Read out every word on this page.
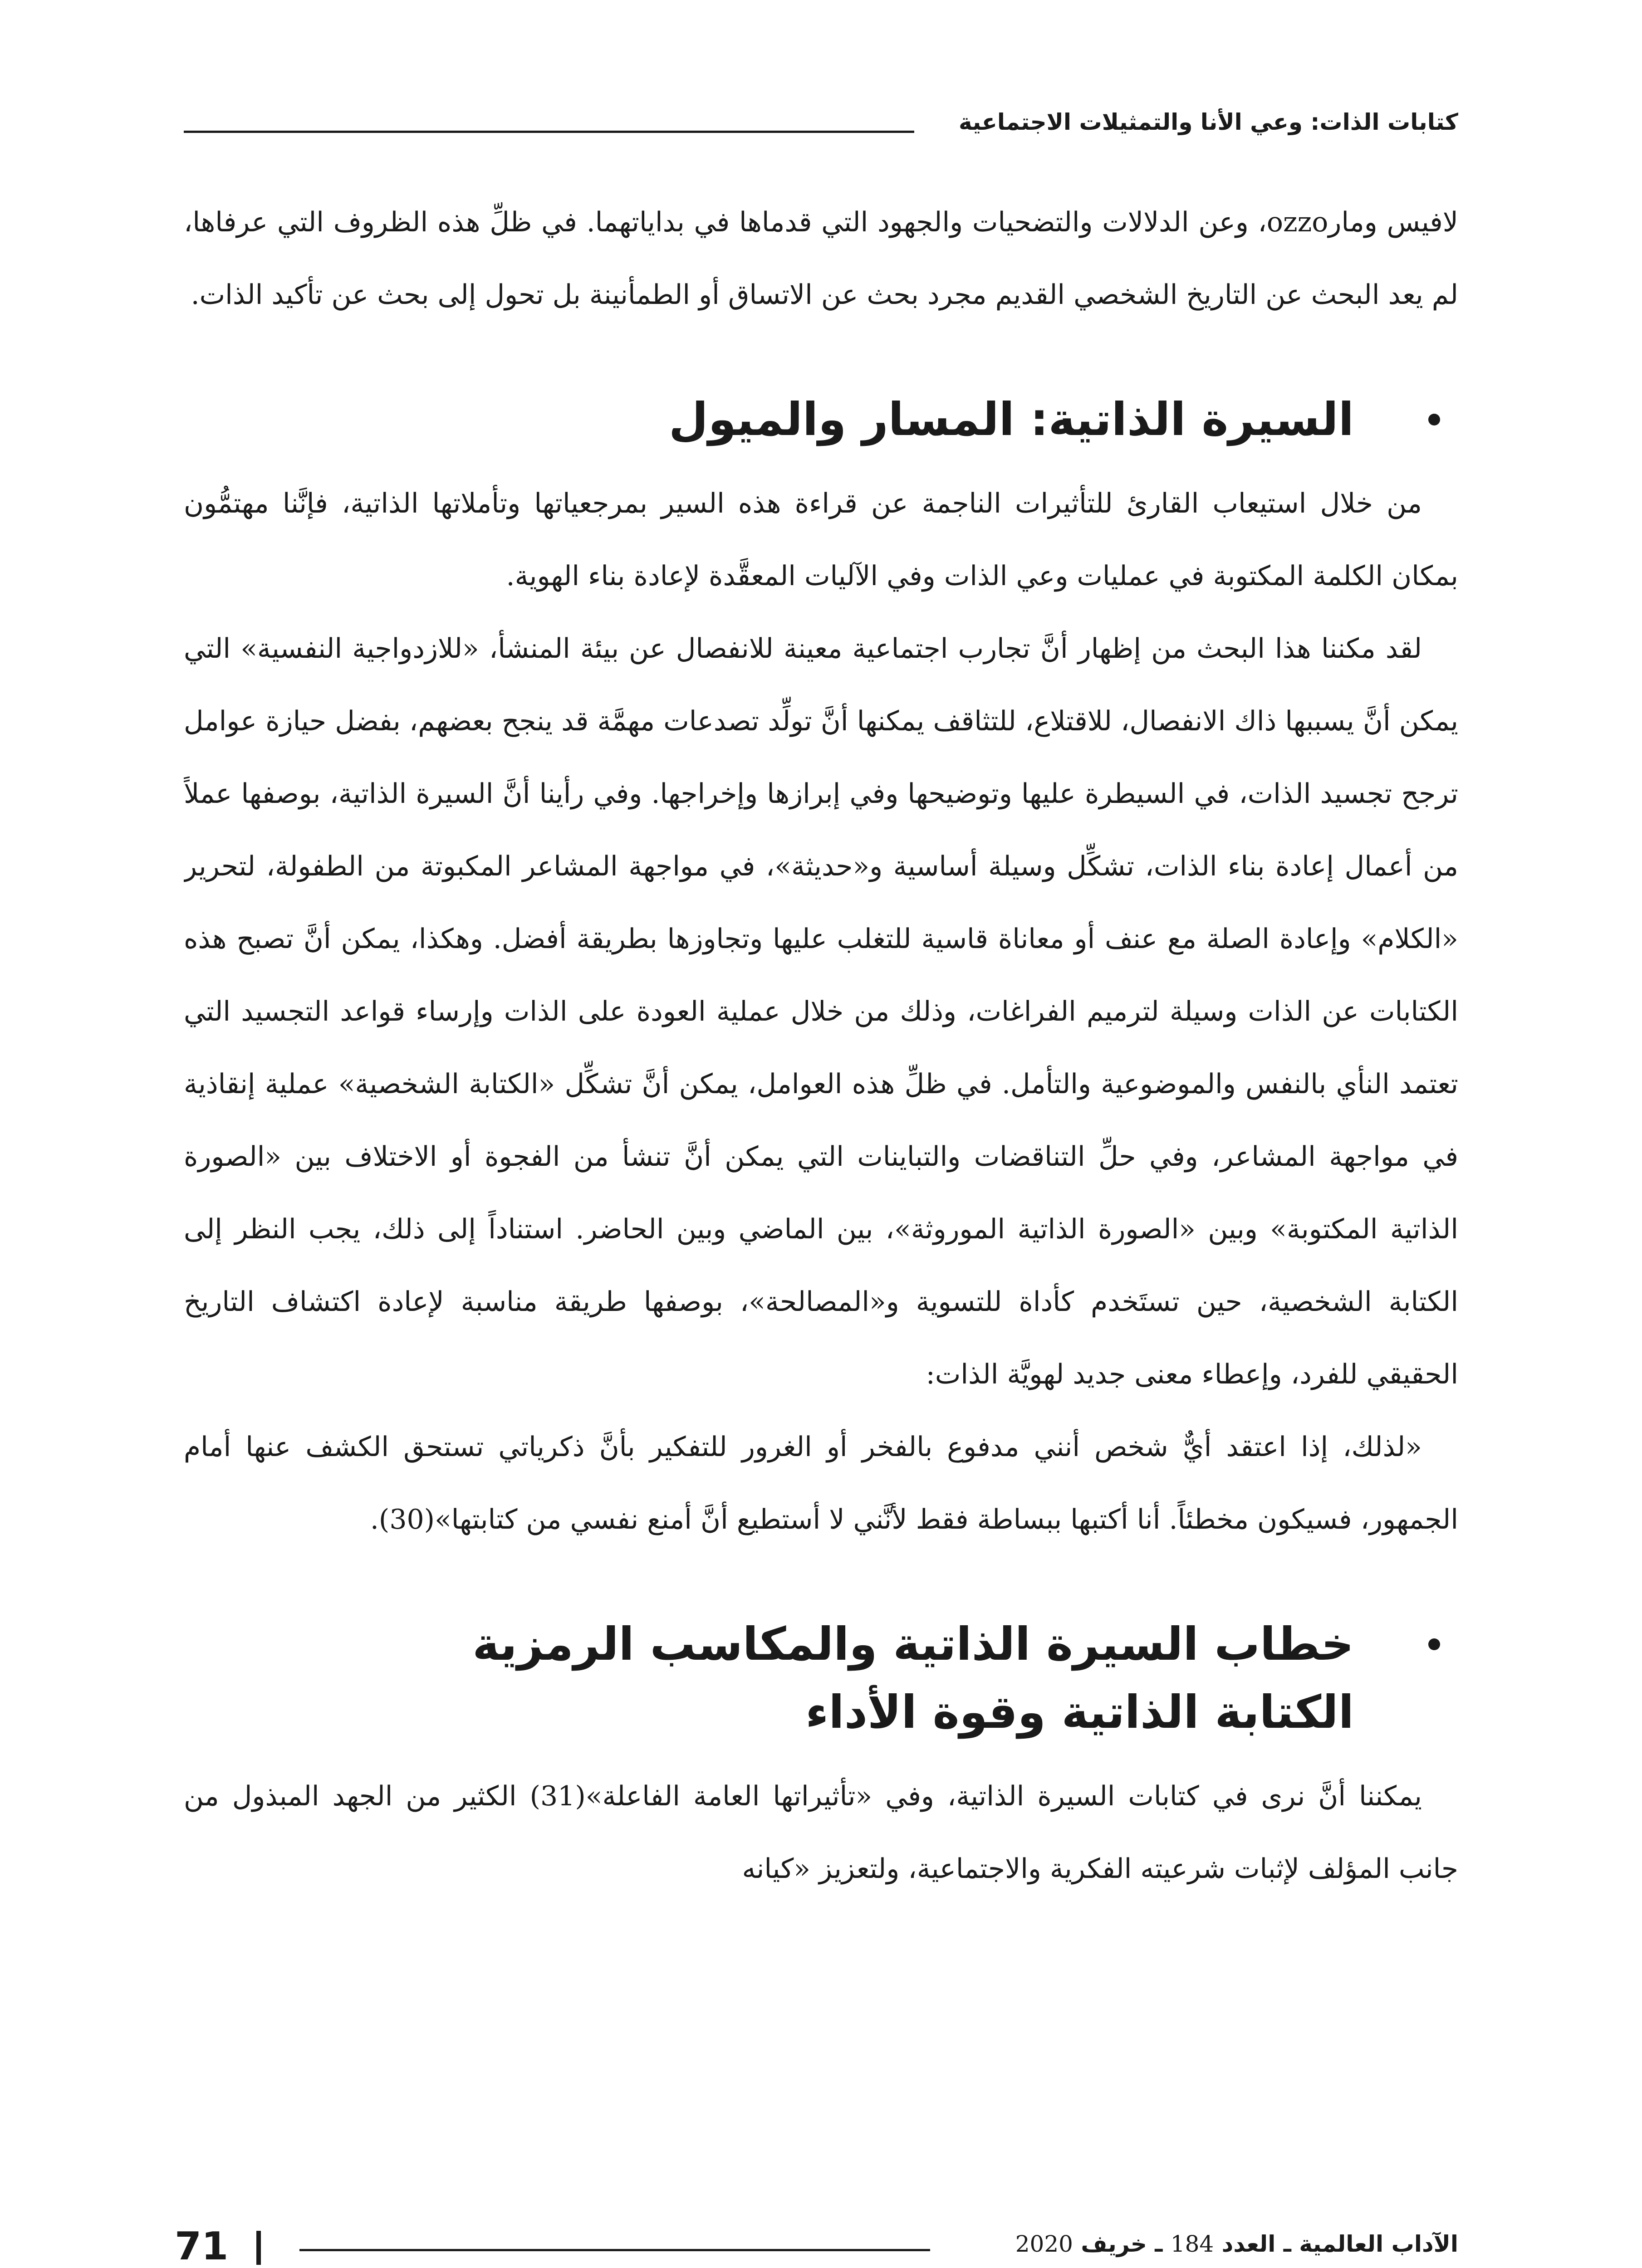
كتابات الذات: وعي الأنا والتمثيلات الاجتماعية

لافيس ومارozzo، وعن الدلالات والتضحيات والجهود التي قدماها في بداياتهما. في ظلِّ هذه الظروف التي عرفاها، لم يعد البحث عن التاريخ الشخصي القديم مجرد بحث عن الاتساق أو الطمأنينة بل تحول إلى بحث عن تأكيد الذات.

السيرة الذاتية: المسار والميول

من خلال استيعاب القارئ للتأثيرات الناجمة عن قراءة هذه السير بمرجعياتها وتأملاتها الذاتية، فإنَّنا مهتمُّون بمكان الكلمة المكتوبة في عمليات وعي الذات وفي الآليات المعقَّدة لإعادة بناء الهوية.

لقد مكننا هذا البحث من إظهار أنَّ تجارب اجتماعية معينة للانفصال عن بيئة المنشأ، «للازدواجية النفسية» التي يمكن أنَّ يسببها ذاك الانفصال، للاقتلاع، للتثاقف يمكنها أنَّ تولِّد تصدعات مهمَّة قد ينجح بعضهم، بفضل حيازة عوامل ترجح تجسيد الذات، في السيطرة عليها وتوضيحها وفي إبرازها وإخراجها. وفي رأينا أنَّ السيرة الذاتية، بوصفها عملاً من أعمال إعادة بناء الذات، تشكِّل وسيلة أساسية و«حديثة»، في مواجهة المشاعر المكبوتة من الطفولة، لتحرير «الكلام» وإعادة الصلة مع عنف أو معاناة قاسية للتغلب عليها وتجاوزها بطريقة أفضل. وهكذا، يمكن أنَّ تصبح هذه الكتابات عن الذات وسيلة لترميم الفراغات، وذلك من خلال عملية العودة على الذات وإرساء قواعد التجسيد التي تعتمد النأي بالنفس والموضوعية والتأمل. في ظلِّ هذه العوامل، يمكن أنَّ تشكِّل «الكتابة الشخصية» عملية إنقاذية في مواجهة المشاعر، وفي حلِّ التناقضات والتباينات التي يمكن أنَّ تنشأ من الفجوة أو الاختلاف بين «الصورة الذاتية المكتوبة» وبين «الصورة الذاتية الموروثة»، بين الماضي وبين الحاضر. استناداً إلى ذلك، يجب النظر إلى الكتابة الشخصية، حين تستَخدم كأداة للتسوية و«المصالحة»، بوصفها طريقة مناسبة لإعادة اكتشاف التاريخ الحقيقي للفرد، وإعطاء معنى جديد لهويَّة الذات:

«لذلك، إذا اعتقد أيٌّ شخص أنني مدفوع بالفخر أو الغرور للتفكير بأنَّ ذكرياتي تستحق الكشف عنها أمام الجمهور، فسيكون مخطئاً. أنا أكتبها ببساطة فقط لأنَّني لا أستطيع أنَّ أمنع نفسي من كتابتها»(30).

خطاب السيرة الذاتية والمكاسب الرمزية
الكتابة الذاتية وقوة الأداء

يمكننا أنَّ نرى في كتابات السيرة الذاتية، وفي «تأثيراتها العامة الفاعلة»(31) الكثير من الجهد المبذول من جانب المؤلف لإثبات شرعيته الفكرية والاجتماعية، ولتعزيز «كيانه

الآداب العالمية ـ العدد 184 ـ خريف 2020
71
